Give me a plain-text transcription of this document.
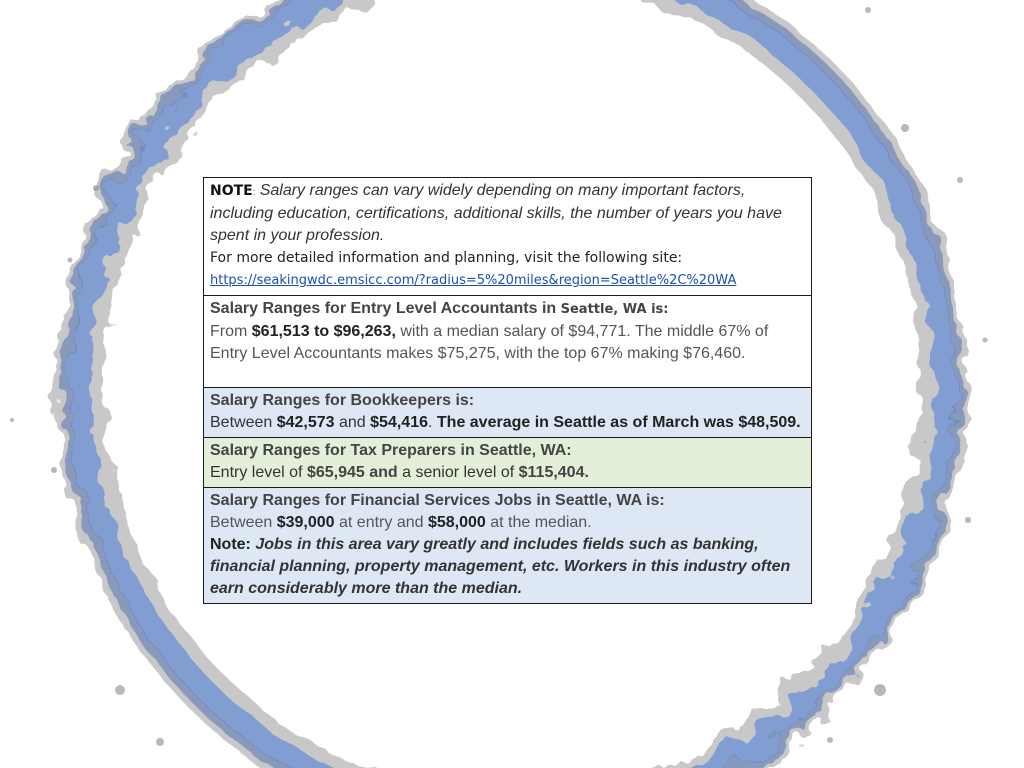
NOTE: Salary ranges can vary widely depending on many important factors, including education, certifications, additional skills, the number of years you have spent in your profession.
For more detailed information and planning, visit the following site:
https://seakingwdc.emsicc.com/?radius=5%20miles&region=Seattle%2C%20WA
Salary Ranges for Entry Level Accountants in Seattle, WA is:
From $61,513 to $96,263, with a median salary of $94,771. The middle 67% of Entry Level Accountants makes $75,275, with the top 67% making $76,460.
Salary Ranges for Bookkeepers is:
Between $42,573 and $54,416. The average in Seattle as of March was $48,509.
Salary Ranges for Tax Preparers in Seattle, WA:
Entry level of $65,945 and a senior level of $115,404.
Salary Ranges for Financial Services Jobs in Seattle, WA is:
Between $39,000 at entry and $58,000 at the median.
Note: Jobs in this area vary greatly and includes fields such as banking, financial planning, property management, etc. Workers in this industry often earn considerably more than the median.
